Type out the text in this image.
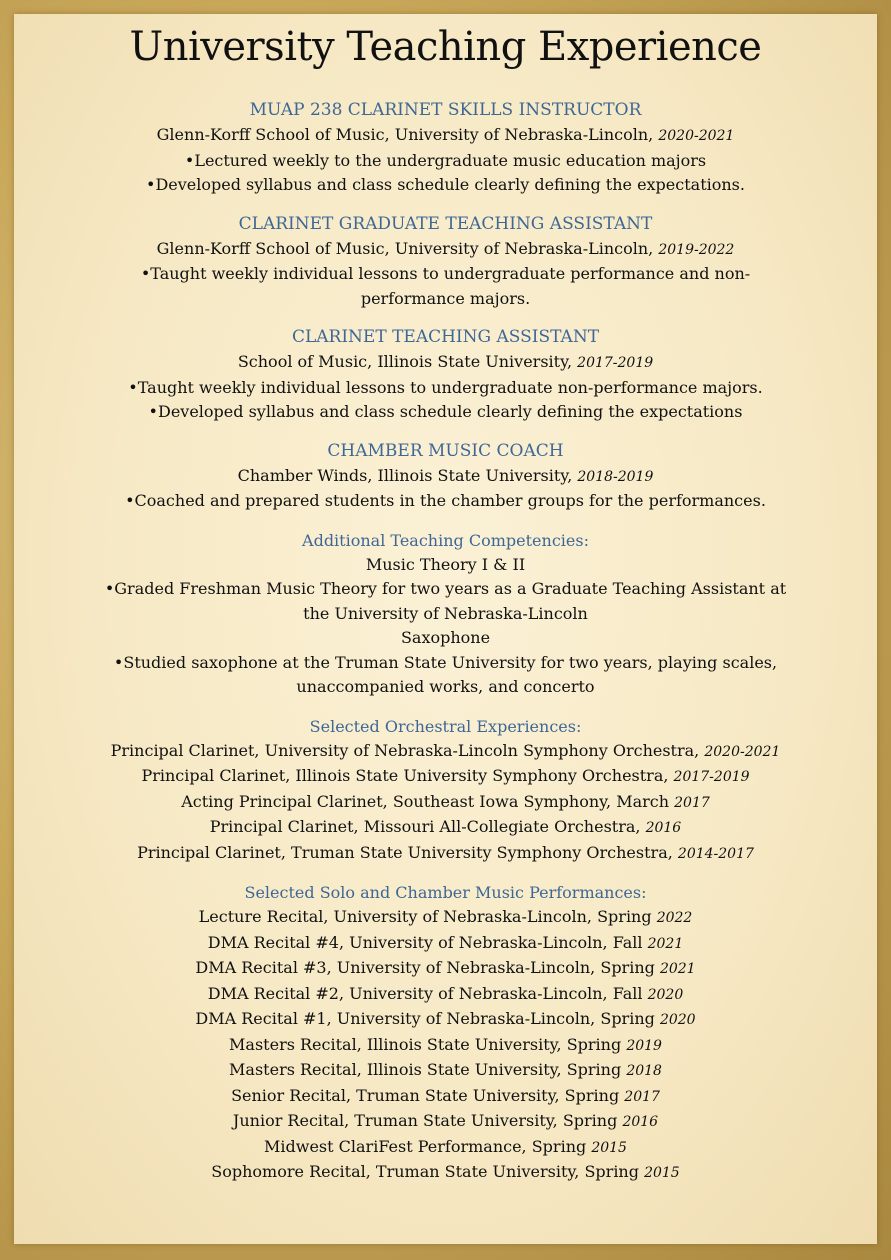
University Teaching Experience
MUAP 238 CLARINET SKILLS INSTRUCTOR
Glenn-Korff School of Music, University of Nebraska-Lincoln, 2020-2021
•Lectured weekly to the undergraduate music education majors
•Developed syllabus and class schedule clearly defining the expectations.
CLARINET GRADUATE TEACHING ASSISTANT
Glenn-Korff School of Music, University of Nebraska-Lincoln, 2019-2022
•Taught weekly individual lessons to undergraduate performance and non-performance majors.
CLARINET TEACHING ASSISTANT
School of Music, Illinois State University, 2017-2019
•Taught weekly individual lessons to undergraduate non-performance majors.
•Developed syllabus and class schedule clearly defining the expectations
CHAMBER MUSIC COACH
Chamber Winds, Illinois State University, 2018-2019
•Coached and prepared students in the chamber groups for the performances.
Additional Teaching Competencies:
Music Theory I & II
•Graded Freshman Music Theory for two years as a Graduate Teaching Assistant at the University of Nebraska-Lincoln
Saxophone
•Studied saxophone at the Truman State University for two years, playing scales, unaccompanied works, and concerto
Selected Orchestral Experiences:
Principal Clarinet, University of Nebraska-Lincoln Symphony Orchestra, 2020-2021
Principal Clarinet, Illinois State University Symphony Orchestra, 2017-2019
Acting Principal Clarinet, Southeast Iowa Symphony, March 2017
Principal Clarinet, Missouri All-Collegiate Orchestra, 2016
Principal Clarinet, Truman State University Symphony Orchestra, 2014-2017
Selected Solo and Chamber Music Performances:
Lecture Recital, University of Nebraska-Lincoln, Spring 2022
DMA Recital #4, University of Nebraska-Lincoln, Fall 2021
DMA Recital #3, University of Nebraska-Lincoln, Spring 2021
DMA Recital #2, University of Nebraska-Lincoln, Fall 2020
DMA Recital #1, University of Nebraska-Lincoln, Spring 2020
Masters Recital, Illinois State University, Spring 2019
Masters Recital, Illinois State University, Spring 2018
Senior Recital, Truman State University, Spring 2017
Junior Recital, Truman State University, Spring 2016
Midwest ClariFest Performance, Spring 2015
Sophomore Recital, Truman State University, Spring 2015
